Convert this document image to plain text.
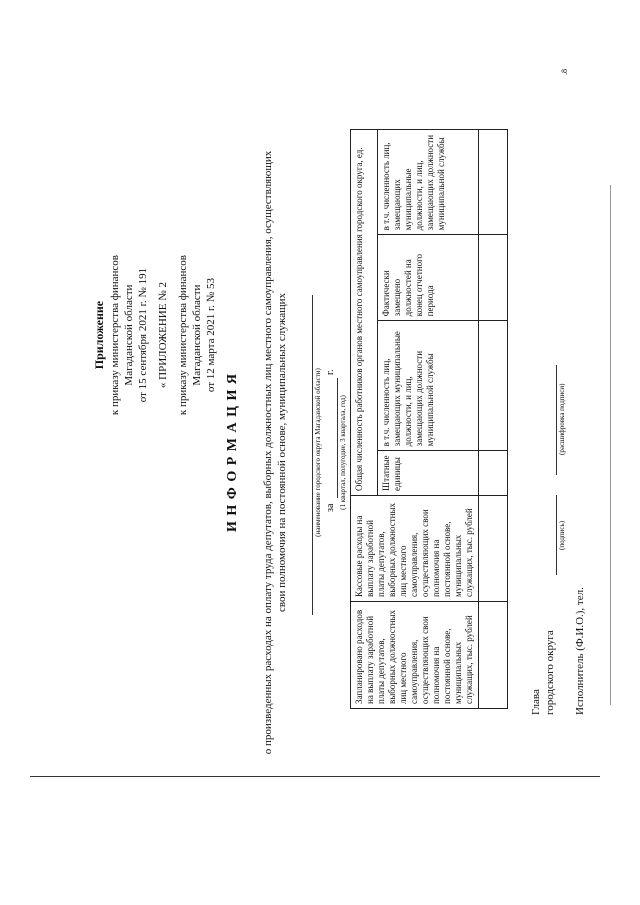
Приложение к приказу министерства финансов Магаданской области от 15 сентября 2021 г. № 191 « ПРИЛОЖЕНИЕ № 2 к приказу министерства финансов Магаданской области от 12 марта 2021 г. № 53
И Н Ф О Р М А Ц И Я о произведенных расходах на оплату труда депутатов, выборных должностных лиц местного самоуправления, осуществляющих свои полномочия на постоянной основе, муниципальных служащих	(наименование городского округа Магаданской области) за
г.
(1 квартал, полугодие, 3 квартала, год)
Запланировано расходов на выплату заработной платы депутатов, выборных должностных лиц местного самоуправления, осуществляющих свои полномочия на постоянной основе, муниципальных служащих, тыс. рублей	Кассовые расходы на выплату заработной платы депутатов, выборных должностных лиц местного самоуправления, осуществляющих свои полномочия на постоянной основе, муниципальных служащих, тыс. рублей	Общая численность работников органов местного самоуправления городского округа, ед.			
		Штатные единицы	в т.ч. численность лиц, замещающих муниципальные должности, и лиц, замещающих должности муниципальной службы	Фактически замещено должностей на конец отчетного периода	в т.ч. численность лиц, замещающих муниципальные должности, и лиц, замещающих должности муниципальной службы

Глава городского округа
(подпись)
(расшифровка подписи)
Исполнитель (Ф.И.О.), тел.
.8
